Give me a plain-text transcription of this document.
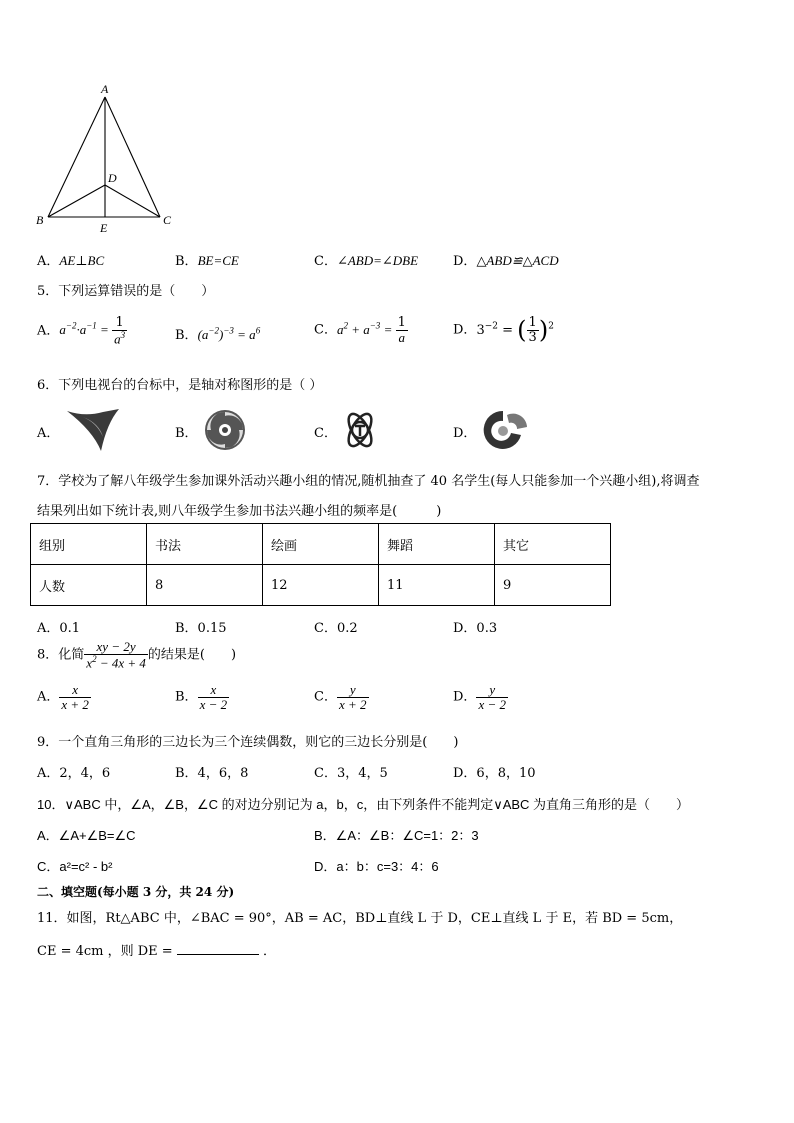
A
D
B	C
E
A．AE⊥BC	B．BE=CE	C．∠ABD=∠DBE	D．△ABD≌△ACD
5．下列运算错误的是（　　）
A．$a^{-2}\cdot a^{-1} = \frac{1}{a^3}$	B．$(a^{-2})^{-3} = a^6$	C．$a^2 + a^{-3} = \frac{1}{a}$	D．$3^{-2}$ = ( $\frac{1}{3} )^2$
6．下列电视台的台标中，是轴对称图形的是（ ）
A．	B．	C．	D．
7．学校为了解八年级学生参加课外活动兴趣小组的情况,随机抽查了 40 名学生(每人只能参加一个兴趣小组),将调查
结果列出如下统计表,则八年级学生参加书法兴趣小组的频率是(　　　)
组别	书法	绘画	舞蹈	其它
人数	8	12	11	9
A．0.1	B．0.15	C．0.2	D．0.3
8．化简 $\frac{xy - 2y}{x^2 - 4x + 4}$ 的结果是(　　)
A． $\frac{x}{x + 2}$	B． $\frac{x}{x - 2}$	C． $\frac{y}{x + 2}$	D． $\frac{y}{x - 2}$
9．一个直角三角形的三边长为三个连续偶数，则它的三边长分别是(　　)
A．2，4，6	B．4，6，8	C．3，4，5	D．6，8，10
10．∨ABC 中，∠A，∠B，∠C 的对边分别记为 a，b，c，由下列条件不能判定∨ABC 为直角三角形的是（　　）
A．∠A+∠B=∠C	B．∠A：∠B：∠C=1：2：3
C．a²=c² - b²	D．a：b：c=3：4：6
二、填空题(每小题 3 分，共 24 分)
11．如图，Rt△ABC 中，∠BAC = 90°，AB = AC，BD⊥直线 L 于 D，CE⊥直线 L 于 E，若 BD = 5cm，
CE = 4cm ，则 DE =	．
